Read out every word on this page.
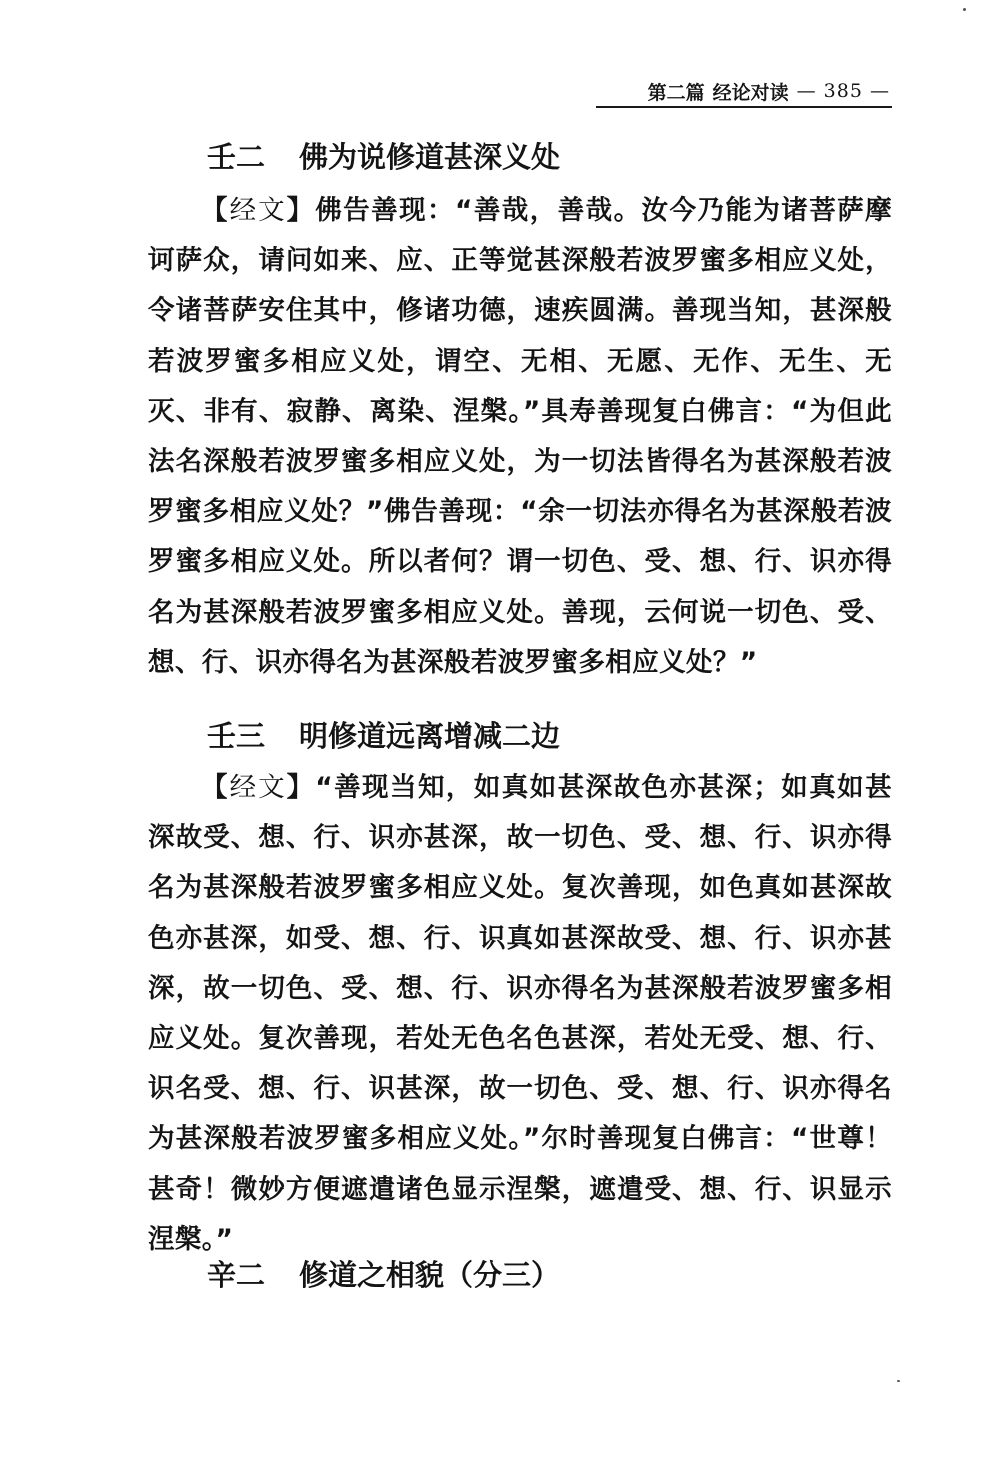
第二篇 经论对读 — 385 —
壬二 佛为说修道甚深义处

【经文】佛告善现：“善哉，善哉。汝今乃能为诸菩萨摩诃萨众，请问如来、应、正等觉甚深般若波罗蜜多相应义处，令诸菩萨安住其中，修诸功德，速疾圆满。善现当知，甚深般若波罗蜜多相应义处，谓空、无相、无愿、无作、无生、无灭、非有、寂静、离染、涅槃。”具寿善现复白佛言：“为但此法名深般若波罗蜜多相应义处，为一切法皆得名为甚深般若波罗蜜多相应义处？”佛告善现：“余一切法亦得名为甚深般若波罗蜜多相应义处。所以者何？谓一切色、受、想、行、识亦得名为甚深般若波罗蜜多相应义处。善现，云何说一切色、受、想、行、识亦得名为甚深般若波罗蜜多相应义处？”

壬三 明修道远离增减二边

【经文】“善现当知，如真如甚深故色亦甚深；如真如甚深故受、想、行、识亦甚深，故一切色、受、想、行、识亦得名为甚深般若波罗蜜多相应义处。复次善现，如色真如甚深故色亦甚深，如受、想、行、识真如甚深故受、想、行、识亦甚深，故一切色、受、想、行、识亦得名为甚深般若波罗蜜多相应义处。复次善现，若处无色名色甚深，若处无受、想、行、识名受、想、行、识甚深，故一切色、受、想、行、识亦得名为甚深般若波罗蜜多相应义处。”尔时善现复白佛言：“世尊！甚奇！微妙方便遮遣诸色显示涅槃，遮遣受、想、行、识显示涅槃。”

辛二 修道之相貌（分三）
